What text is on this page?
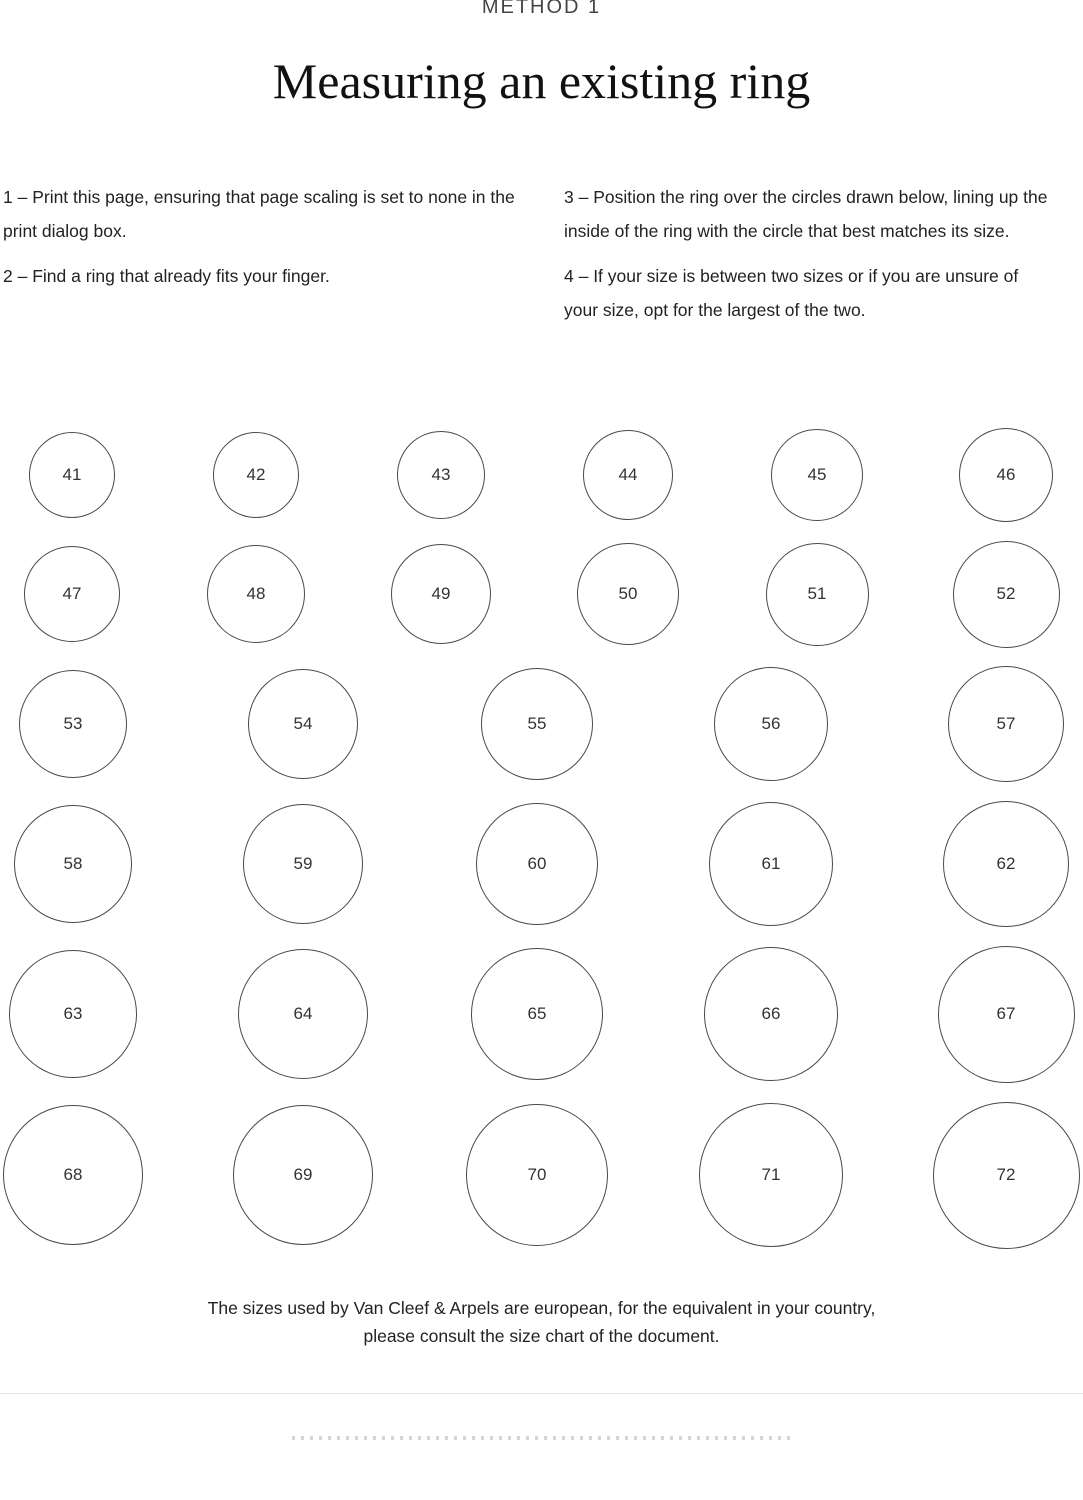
METHOD 1
Measuring an existing ring

1 – Print this page, ensuring that page scaling is set to none in the print dialog box.

2 – Find a ring that already fits your finger.

3 – Position the ring over the circles drawn below, lining up the inside of the ring with the circle that best matches its size.

4 – If your size is between two sizes or if you are unsure of your size, opt for the largest of the two.

41	42	43	44	45	46
47	48	49	50	51	52
53	54	55	56	57
58	59	60	61	62
63	64	65	66	67
68	69	70	71	72

The sizes used by Van Cleef & Arpels are european, for the equivalent in your country,

please consult the size chart of the document.
